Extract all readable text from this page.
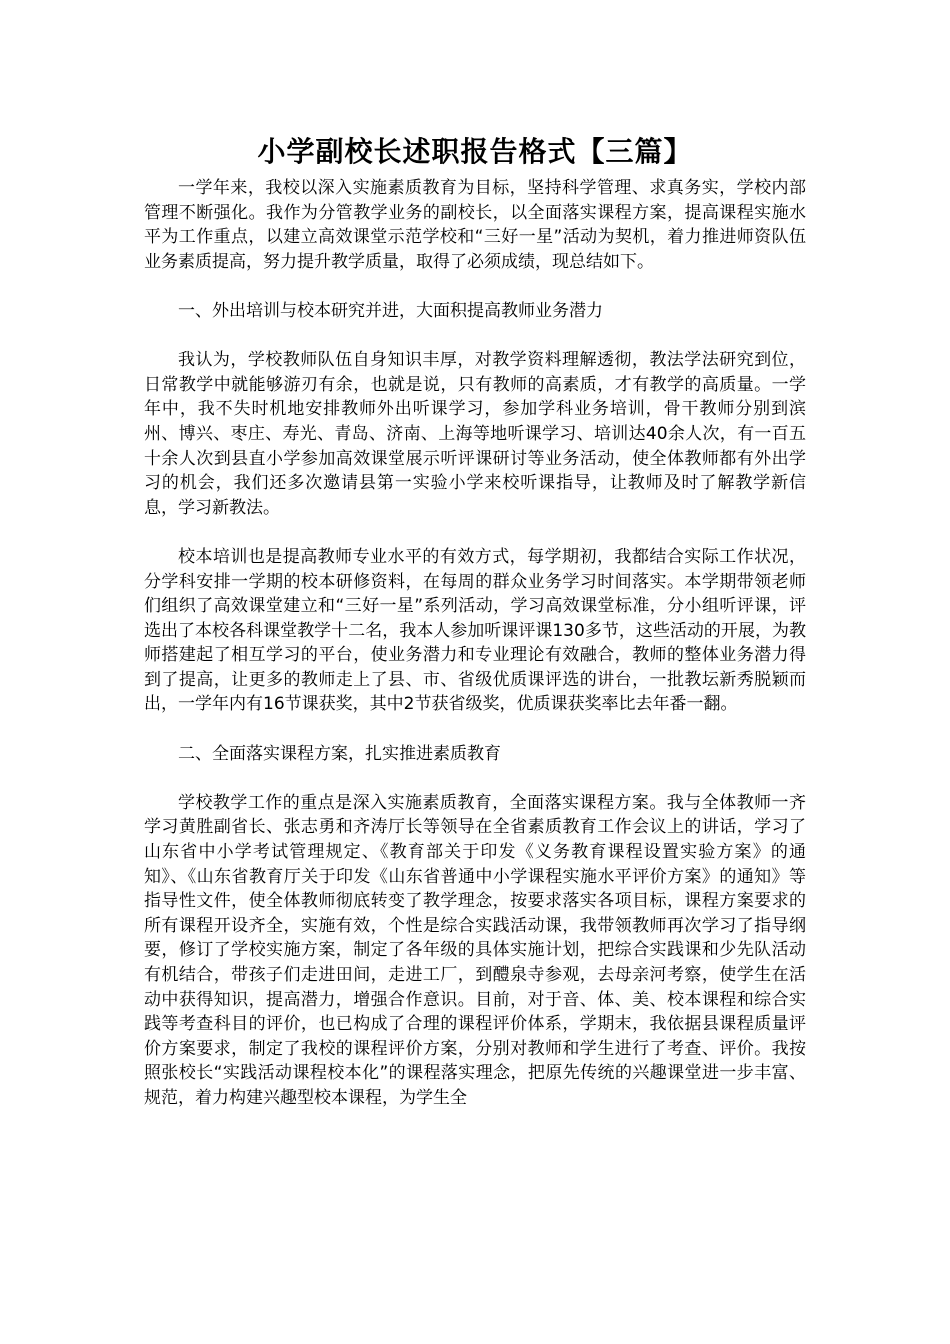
小学副校长述职报告格式【三篇】

一学年来，我校以深入实施素质教育为目标，坚持科学管理、求真务实，学校内部管理不断强化。我作为分管教学业务的副校长，以全面落实课程方案，提高课程实施水平为工作重点，以建立高效课堂示范学校和“三好一星”活动为契机，着力推进师资队伍业务素质提高，努力提升教学质量，取得了必须成绩，现总结如下。

一、外出培训与校本研究并进，大面积提高教师业务潜力

我认为，学校教师队伍自身知识丰厚，对教学资料理解透彻，教法学法研究到位，日常教学中就能够游刃有余，也就是说，只有教师的高素质，才有教学的高质量。一学年中，我不失时机地安排教师外出听课学习，参加学科业务培训，骨干教师分别到滨州、博兴、枣庄、寿光、青岛、济南、上海等地听课学习、培训达40余人次，有一百五十余人次到县直小学参加高效课堂展示听评课研讨等业务活动，使全体教师都有外出学习的机会，我们还多次邀请县第一实验小学来校听课指导，让教师及时了解教学新信息，学习新教法。

校本培训也是提高教师专业水平的有效方式，每学期初，我都结合实际工作状况，分学科安排一学期的校本研修资料，在每周的群众业务学习时间落实。本学期带领老师们组织了高效课堂建立和“三好一星”系列活动，学习高效课堂标准，分小组听评课，评选出了本校各科课堂教学十二名，我本人参加听课评课130多节，这些活动的开展，为教师搭建起了相互学习的平台，使业务潜力和专业理论有效融合，教师的整体业务潜力得到了提高，让更多的教师走上了县、市、省级优质课评选的讲台，一批教坛新秀脱颖而出，一学年内有16节课获奖，其中2节获省级奖，优质课获奖率比去年番一翻。

二、全面落实课程方案，扎实推进素质教育

学校教学工作的重点是深入实施素质教育，全面落实课程方案。我与全体教师一齐学习黄胜副省长、张志勇和齐涛厅长等领导在全省素质教育工作会议上的讲话，学习了山东省中小学考试管理规定、《教育部关于印发《义务教育课程设置实验方案》的通知》、《山东省教育厅关于印发《山东省普通中小学课程实施水平评价方案》的通知》等指导性文件，使全体教师彻底转变了教学理念，按要求落实各项目标，课程方案要求的所有课程开设齐全，实施有效，个性是综合实践活动课，我带领教师再次学习了指导纲要，修订了学校实施方案，制定了各年级的具体实施计划，把综合实践课和少先队活动有机结合，带孩子们走进田间，走进工厂，到醴泉寺参观，去母亲河考察，使学生在活动中获得知识，提高潜力，增强合作意识。目前，对于音、体、美、校本课程和综合实践等考查科目的评价，也已构成了合理的课程评价体系，学期末，我依据县课程质量评价方案要求，制定了我校的课程评价方案，分别对教师和学生进行了考查、评价。我按照张校长“实践活动课程校本化”的课程落实理念，把原先传统的兴趣课堂进一步丰富、规范，着力构建兴趣型校本课程，为学生全
